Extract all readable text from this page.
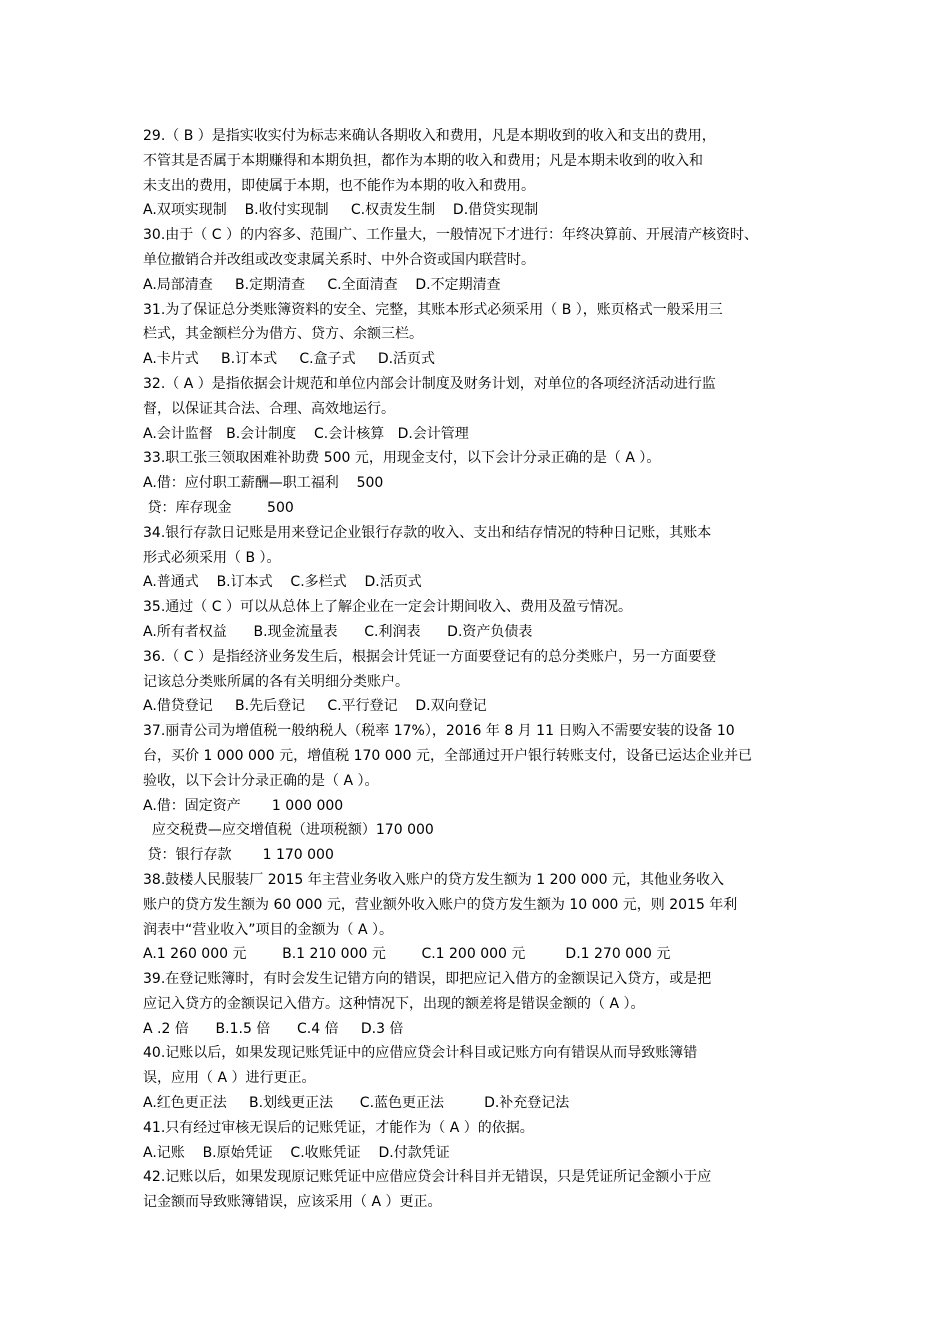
29.（ B ）是指实收实付为标志来确认各期收入和费用，凡是本期收到的收入和支出的费用，
不管其是否属于本期赚得和本期负担，都作为本期的收入和费用；凡是本期未收到的收入和
未支出的费用，即使属于本期，也不能作为本期的收入和费用。
A.双项实现制    B.收付实现制     C.权责发生制    D.借贷实现制
30.由于（ C ）的内容多、范围广、工作量大，一般情况下才进行：年终决算前、开展清产核资时、
单位撤销合并改组或改变隶属关系时、中外合资或国内联营时。
A.局部清查     B.定期清查     C.全面清查    D.不定期清查
31.为了保证总分类账簿资料的安全、完整，其账本形式必须采用（ B ），账页格式一般采用三
栏式，其金额栏分为借方、贷方、余额三栏。
A.卡片式     B.订本式     C.盒子式     D.活页式
32.（ A ）是指依据会计规范和单位内部会计制度及财务计划，对单位的各项经济活动进行监
督，以保证其合法、合理、高效地运行。
A.会计监督   B.会计制度    C.会计核算   D.会计管理
33.职工张三领取困难补助费 500 元，用现金支付，以下会计分录正确的是（ A ）。
A.借：应付职工薪酬—职工福利    500
贷：库存现金        500
34.银行存款日记账是用来登记企业银行存款的收入、支出和结存情况的特种日记账，其账本
形式必须采用（ B ）。
A.普通式    B.订本式    C.多栏式    D.活页式
35.通过（ C ）可以从总体上了解企业在一定会计期间收入、费用及盈亏情况。
A.所有者权益      B.现金流量表      C.利润表      D.资产负债表
36.（ C ）是指经济业务发生后，根据会计凭证一方面要登记有的总分类账户，另一方面要登
记该总分类账所属的各有关明细分类账户。
A.借贷登记     B.先后登记     C.平行登记    D.双向登记
37.丽青公司为增值税一般纳税人（税率 17%），2016 年 8 月 11 日购入不需要安装的设备 10
台，买价 1 000 000 元，增值税 170 000 元，全部通过开户银行转账支付，设备已运达企业并已
验收，以下会计分录正确的是（ A ）。
A.借：固定资产       1 000 000
应交税费—应交增值税（进项税额）170 000
贷：银行存款       1 170 000
38.鼓楼人民服装厂 2015 年主营业务收入账户的贷方发生额为 1 200 000 元，其他业务收入
账户的贷方发生额为 60 000 元，营业额外收入账户的贷方发生额为 10 000 元，则 2015 年利
润表中“营业收入”项目的金额为（ A ）。
A.1 260 000 元        B.1 210 000 元        C.1 200 000 元         D.1 270 000 元
39.在登记账簿时，有时会发生记错方向的错误，即把应记入借方的金额误记入贷方，或是把
应记入贷方的金额误记入借方。这种情况下，出现的额差将是错误金额的（ A ）。
A .2 倍      B.1.5 倍      C.4 倍     D.3 倍
40.记账以后，如果发现记账凭证中的应借应贷会计科目或记账方向有错误从而导致账簿错
误，应用（ A ）进行更正。
A.红色更正法     B.划线更正法      C.蓝色更正法         D.补充登记法
41.只有经过审核无误后的记账凭证，才能作为（ A ）的依据。
A.记账    B.原始凭证    C.收账凭证    D.付款凭证
42.记账以后，如果发现原记账凭证中应借应贷会计科目并无错误，只是凭证所记金额小于应
记金额而导致账簿错误，应该采用（ A ）更正。
